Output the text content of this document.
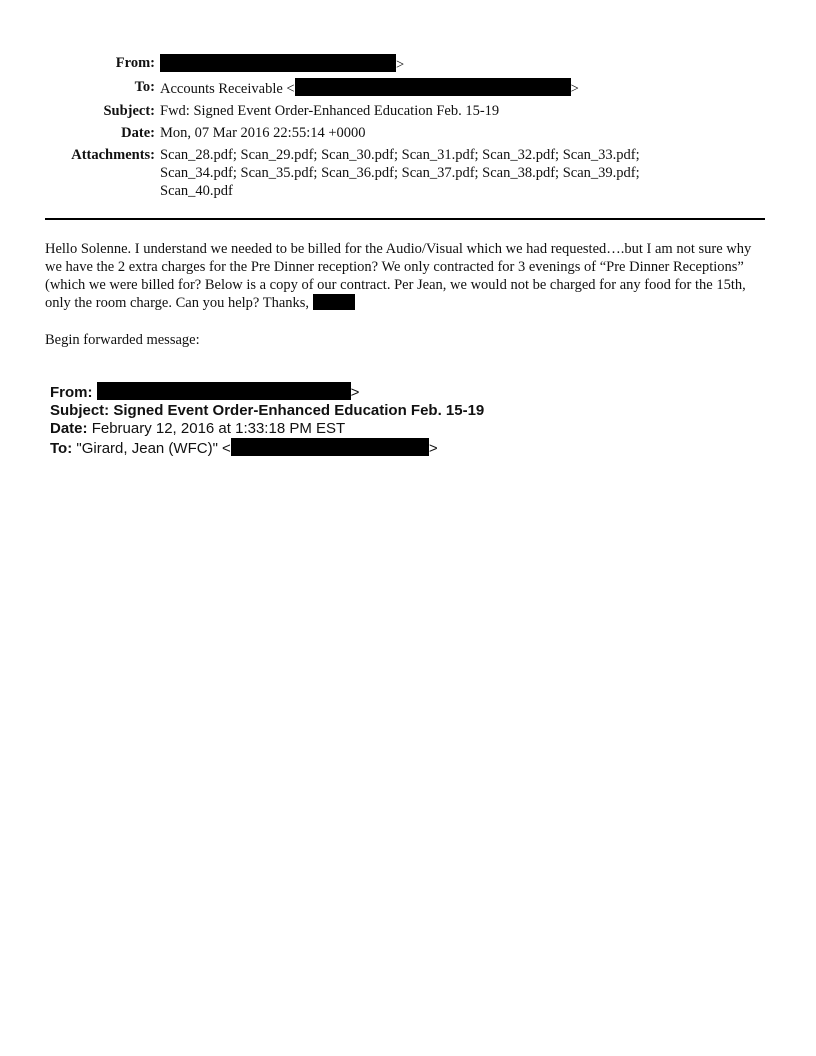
From:	>
To: Accounts Receivable <	>
Subject: Fwd: Signed Event Order-Enhanced Education Feb. 15-19
Date: Mon, 07 Mar 2016 22:55:14 +0000
Attachments: Scan_28.pdf; Scan_29.pdf; Scan_30.pdf; Scan_31.pdf; Scan_32.pdf; Scan_33.pdf;
Scan_34.pdf; Scan_35.pdf; Scan_36.pdf; Scan_37.pdf; Scan_38.pdf; Scan_39.pdf;
Scan_40.pdf

Hello Solenne. I understand we needed to be billed for the Audio/Visual which we had requested….but I am not sure why we have the 2 extra charges for the Pre Dinner reception? We only contracted for 3 evenings of “Pre Dinner Receptions” (which we were billed for? Below is a copy of our contract. Per Jean, we would not be charged for any food for the 15th, only the room charge. Can you help? Thanks,

Begin forwarded message:
From:	>
Subject: Signed Event Order-Enhanced Education Feb. 15-19
Date: February 12, 2016 at 1:33:18 PM EST
To: "Girard, Jean (WFC)" <	>
